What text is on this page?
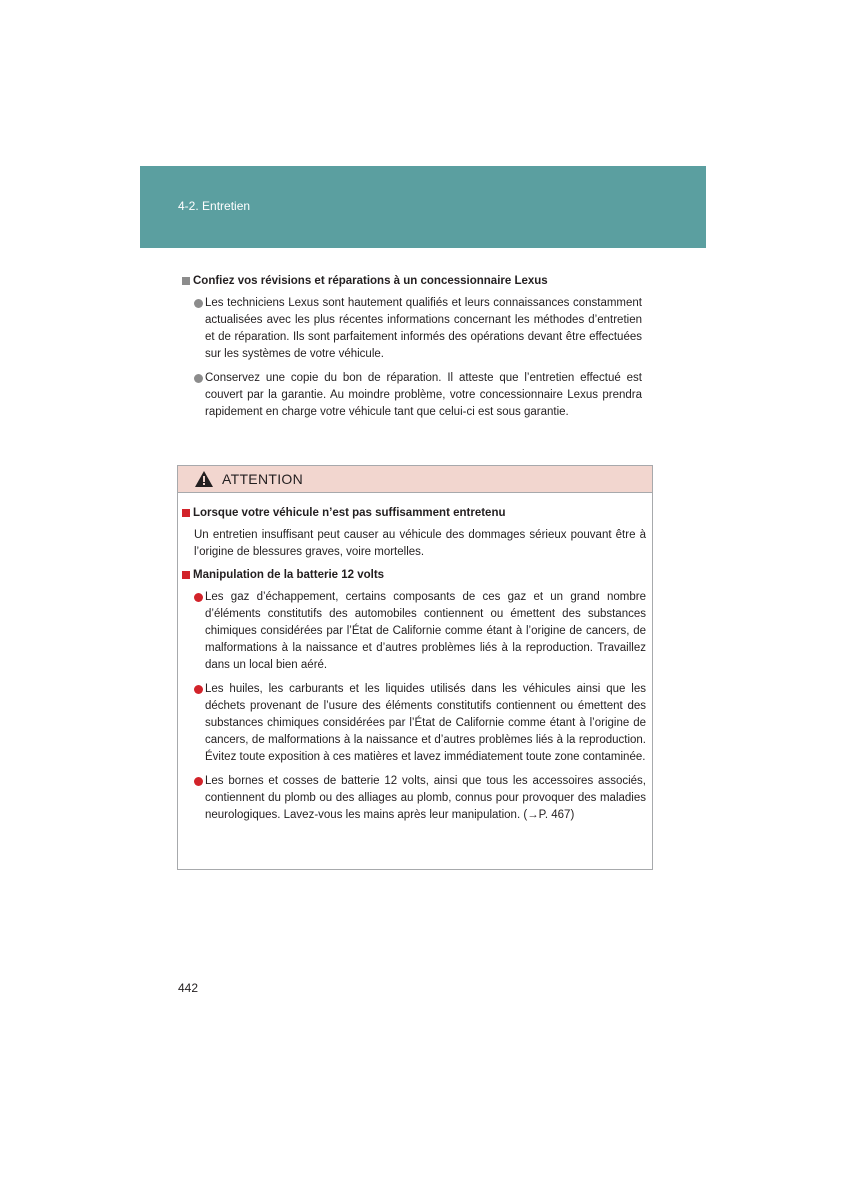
4-2. Entretien
Confiez vos révisions et réparations à un concessionnaire Lexus
Les techniciens Lexus sont hautement qualifiés et leurs connaissances constamment actualisées avec les plus récentes informations concernant les méthodes d’entretien et de réparation. Ils sont parfaitement informés des opérations devant être effectuées sur les systèmes de votre véhicule.
Conservez une copie du bon de réparation. Il atteste que l’entretien effectué est couvert par la garantie. Au moindre problème, votre concessionnaire Lexus prendra rapidement en charge votre véhicule tant que celui-ci est sous garantie.
ATTENTION
Lorsque votre véhicule n’est pas suffisamment entretenu
Un entretien insuffisant peut causer au véhicule des dommages sérieux pouvant être à l’origine de blessures graves, voire mortelles.
Manipulation de la batterie 12 volts
Les gaz d’échappement, certains composants de ces gaz et un grand nombre d’éléments constitutifs des automobiles contiennent ou émettent des substances chimiques considérées par l’État de Californie comme étant à l’origine de cancers, de malformations à la naissance et d’autres problèmes liés à la reproduction. Travaillez dans un local bien aéré.
Les huiles, les carburants et les liquides utilisés dans les véhicules ainsi que les déchets provenant de l’usure des éléments constitutifs contiennent ou émettent des substances chimiques considérées par l’État de Californie comme étant à l’origine de cancers, de malformations à la naissance et d’autres problèmes liés à la reproduction. Évitez toute exposition à ces matières et lavez immédiatement toute zone contaminée.
Les bornes et cosses de batterie 12 volts, ainsi que tous les accessoires associés, contiennent du plomb ou des alliages au plomb, connus pour provoquer des maladies neurologiques. Lavez-vous les mains après leur manipulation. (→P. 467)
442
